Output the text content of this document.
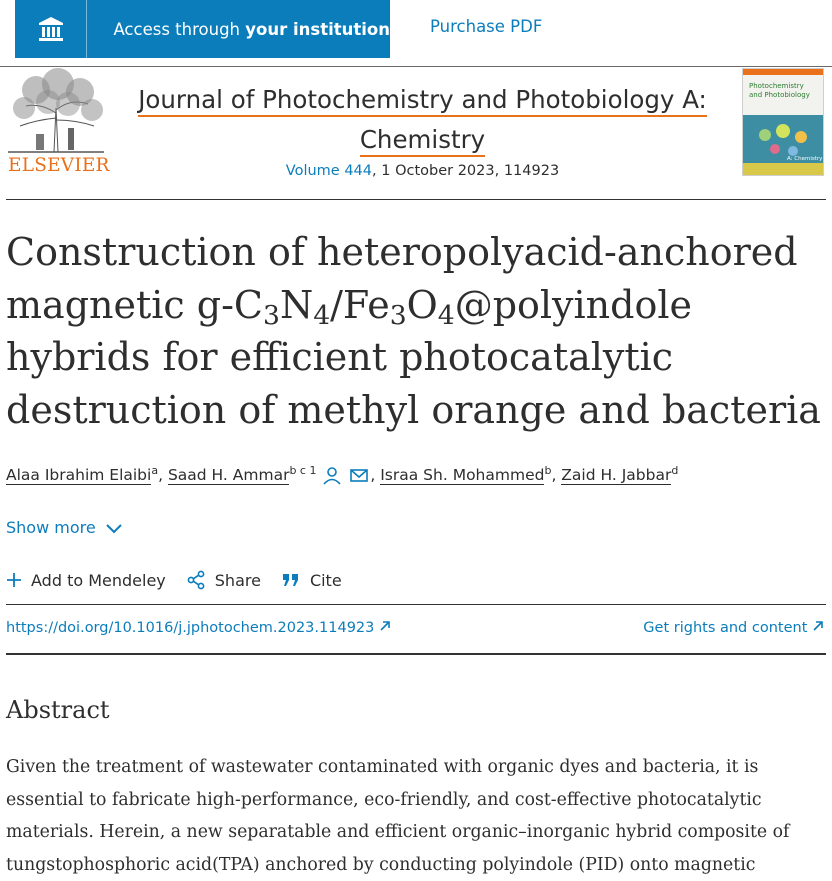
Access through your institution Purchase PDF
ELSEVIER
Journal of Photochemistry and Photobiology A:
Chemistry
Volume 444, 1 October 2023, 114923
Photochemistry
and Photobiology
A: Chemistry
Construction of heteropolyacid-anchored magnetic $g-C_3N_4/Fe_3O_4@polyindole$ hybrids for efficient photocatalytic destruction of methyl orange and bacteria
Alaa Ibrahim Elaibi$^a$, Saad H. Ammar$^{b c 1}$	, Israa Sh. Mohammed$^b$, Zaid H. Jabbar$^d$
Show more
Add to Mendeley	Share	Cite
https://doi.org/10.1016/j.jphotochem.2023.114923	Get rights and content
Abstract

Given the treatment of wastewater contaminated with organic dyes and bacteria, it is essential to fabricate high-performance, eco-friendly, and cost-effective photocatalytic materials. Herein, a new separatable and efficient organic–inorganic hybrid composite of tungstophosphoric acid(TPA) anchored by conducting polyindole (PID) onto magnetic
